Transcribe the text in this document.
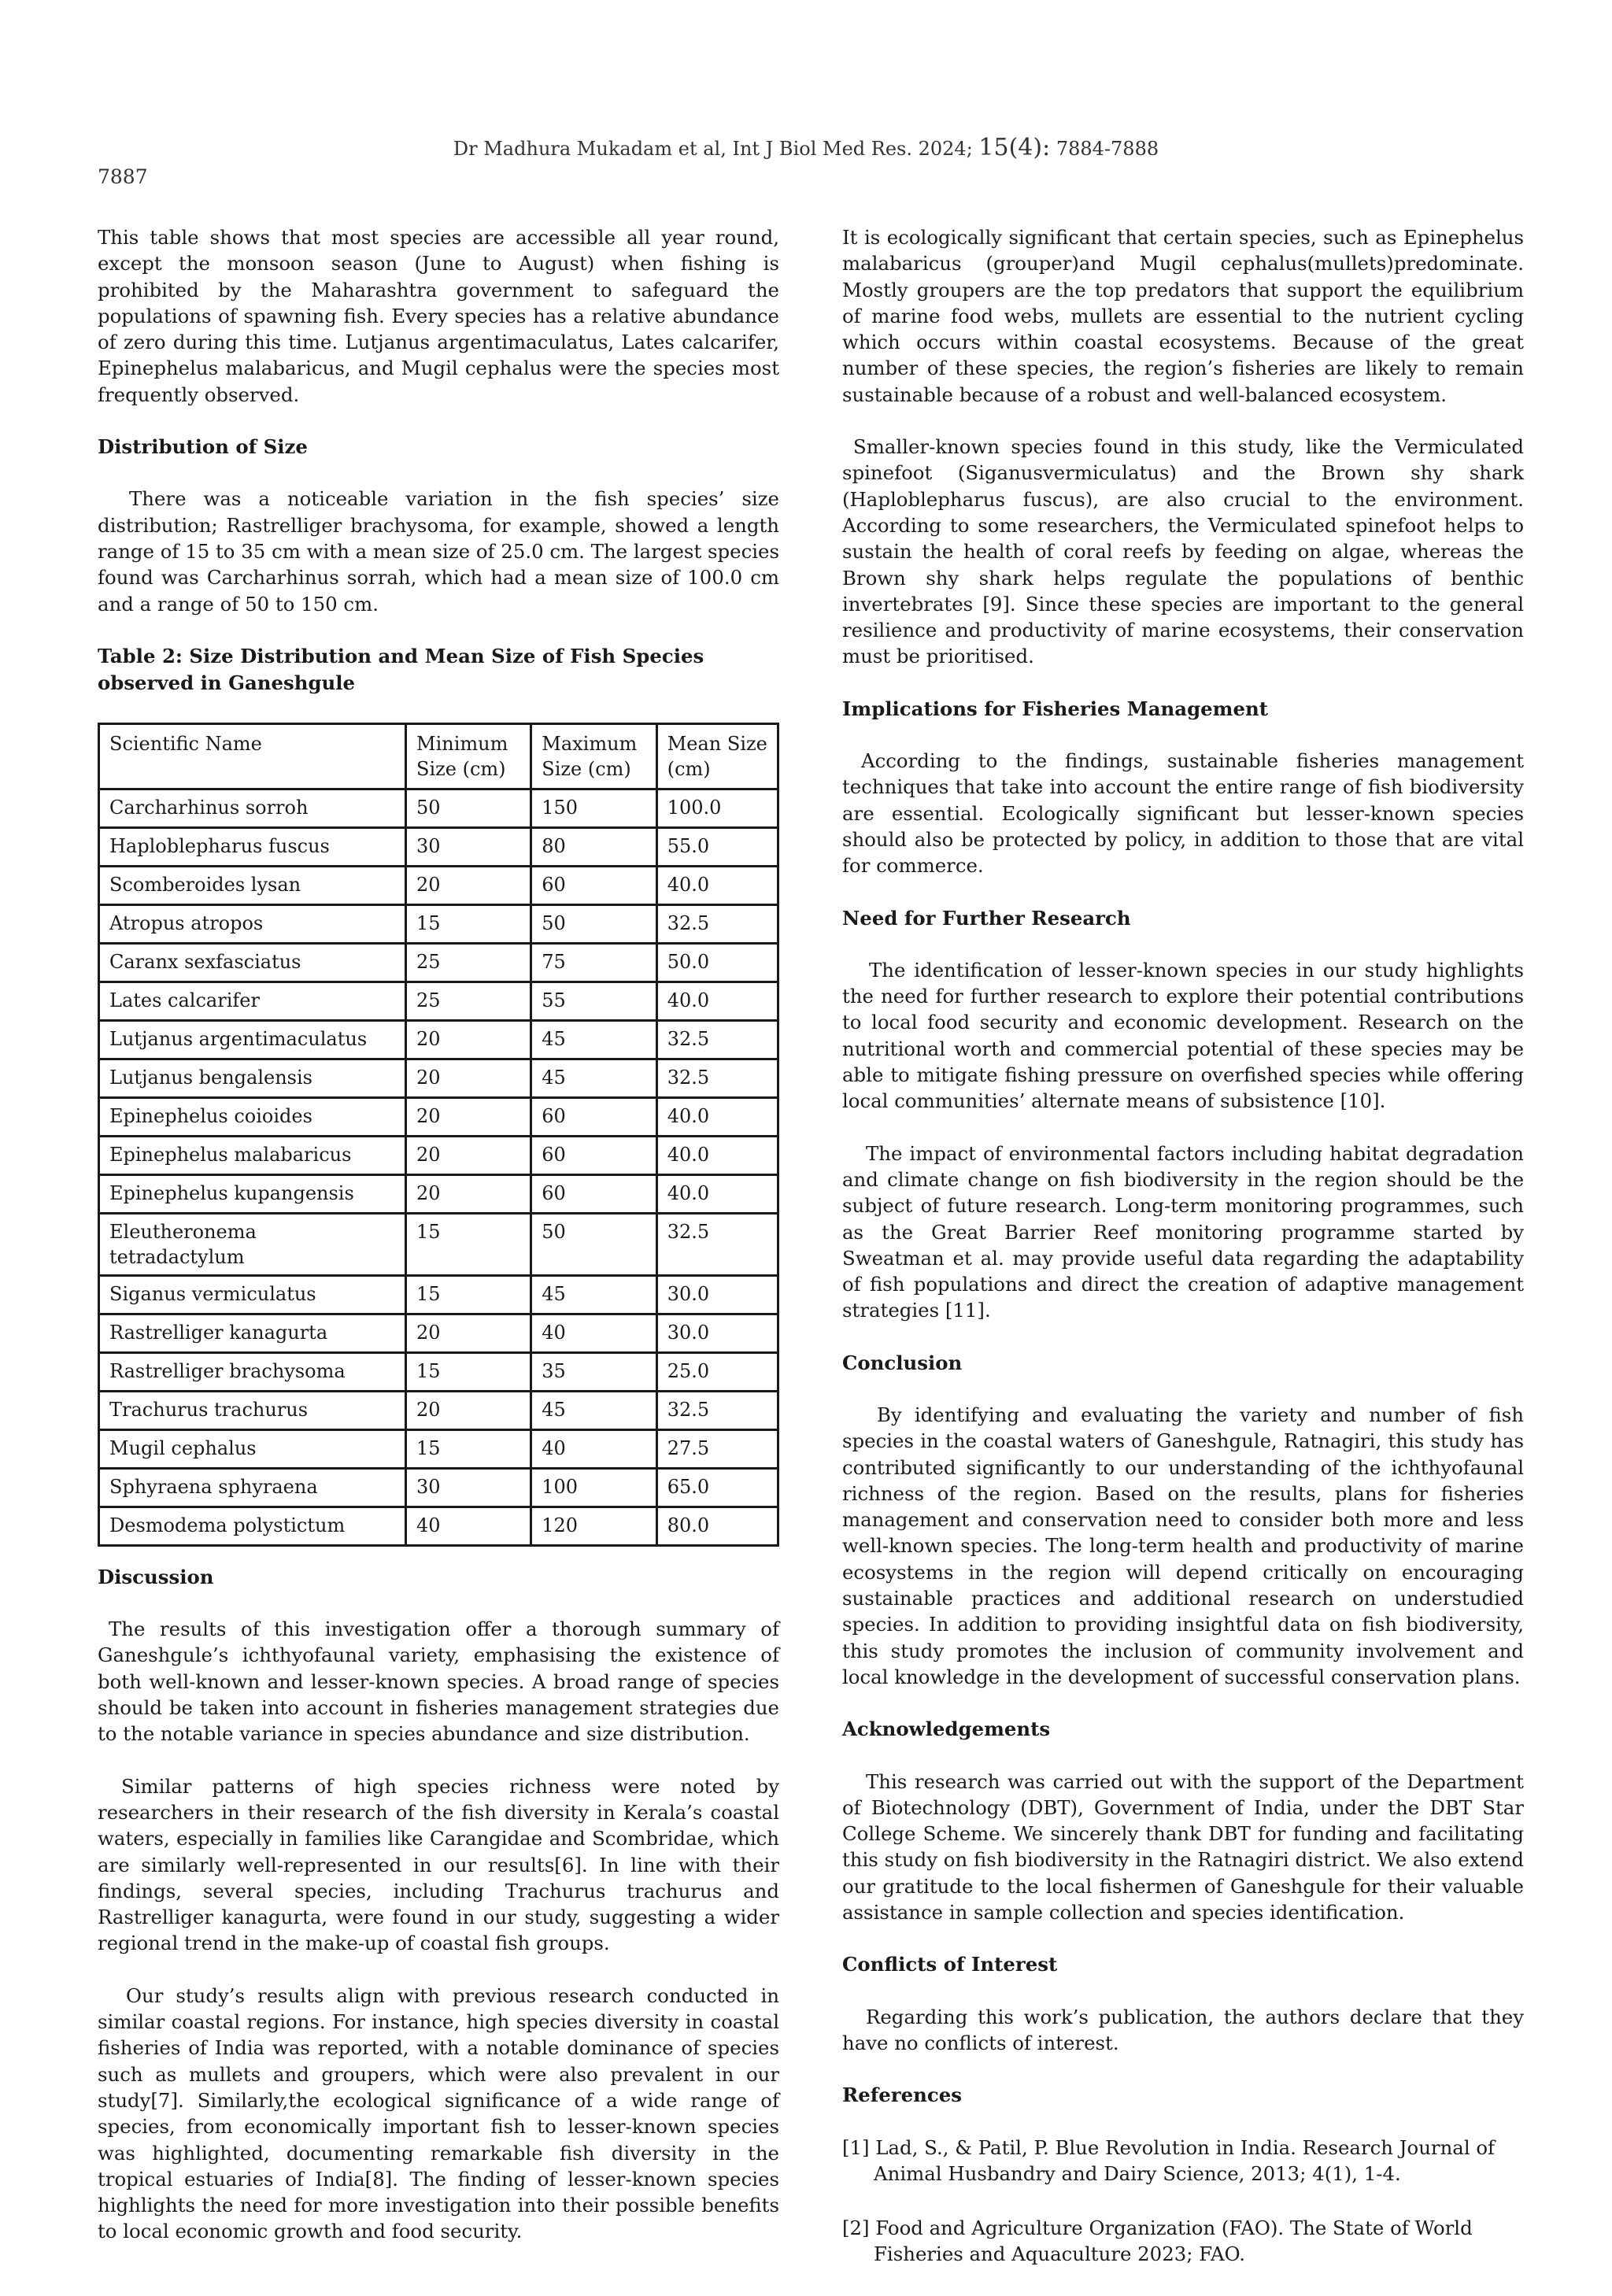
Dr Madhura Mukadam et al, Int J Biol Med Res. 2024; 15(4): 7884-7888
7887

This table shows that most species are accessible all year round, except the monsoon season (June to August) when fishing is prohibited by the Maharashtra government to safeguard the populations of spawning fish. Every species has a relative abundance of zero during this time. Lutjanus argentimaculatus, Lates calcarifer, Epinephelus malabaricus, and Mugil cephalus were the species most frequently observed.

Distribution of Size

There was a noticeable variation in the fish species’ size distribution; Rastrelliger brachysoma, for example, showed a length range of 15 to 35 cm with a mean size of 25.0 cm. The largest species found was Carcharhinus sorrah, which had a mean size of 100.0 cm and a range of 50 to 150 cm.

Table 2: Size Distribution and Mean Size of Fish Species observed in Ganeshgule
Scientific Name	Minimum Size (cm)	Maximum Size (cm)	Mean Size (cm)
Carcharhinus sorroh	50	150	100.0
Haploblepharus fuscus	30	80	55.0
Scomberoides lysan	20	60	40.0
Atropus atropos	15	50	32.5
Caranx sexfasciatus	25	75	50.0
Lates calcarifer	25	55	40.0
Lutjanus argentimaculatus	20	45	32.5
Lutjanus bengalensis	20	45	32.5
Epinephelus coioides	20	60	40.0
Epinephelus malabaricus	20	60	40.0
Epinephelus kupangensis	20	60	40.0
Eleutheronema tetradactylum	15	50	32.5
Siganus vermiculatus	15	45	30.0
Rastrelliger kanagurta	20	40	30.0
Rastrelliger brachysoma	15	35	25.0
Trachurus trachurus	20	45	32.5
Mugil cephalus	15	40	27.5
Sphyraena sphyraena	30	100	65.0
Desmodema polystictum	40	120	80.0
Discussion

The results of this investigation offer a thorough summary of Ganeshgule’s ichthyofaunal variety, emphasising the existence of both well-known and lesser-known species. A broad range of species should be taken into account in fisheries management strategies due to the notable variance in species abundance and size distribution.

Similar patterns of high species richness were noted by researchers in their research of the fish diversity in Kerala’s coastal waters, especially in families like Carangidae and Scombridae, which are similarly well-represented in our results[6]. In line with their findings, several species, including Trachurus trachurus and Rastrelliger kanagurta, were found in our study, suggesting a wider regional trend in the make-up of coastal fish groups.

Our study’s results align with previous research conducted in similar coastal regions. For instance, high species diversity in coastal fisheries of India was reported, with a notable dominance of species such as mullets and groupers, which were also prevalent in our study[7]. Similarly,the ecological significance of a wide range of species, from economically important fish to lesser-known species was highlighted, documenting remarkable fish diversity in the tropical estuaries of India[8]. The finding of lesser-known species highlights the need for more investigation into their possible benefits to local economic growth and food security.

It is ecologically significant that certain species, such as Epinephelus malabaricus (grouper)and Mugil cephalus(mullets)predominate. Mostly groupers are the top predators that support the equilibrium of marine food webs, mullets are essential to the nutrient cycling which occurs within coastal ecosystems. Because of the great number of these species, the region’s fisheries are likely to remain sustainable because of a robust and well-balanced ecosystem.

Smaller-known species found in this study, like the Vermiculated spinefoot (Siganusvermiculatus) and the Brown shy shark (Haploblepharus fuscus), are also crucial to the environment. According to some researchers, the Vermiculated spinefoot helps to sustain the health of coral reefs by feeding on algae, whereas the Brown shy shark helps regulate the populations of benthic invertebrates [9]. Since these species are important to the general resilience and productivity of marine ecosystems, their conservation must be prioritised.

Implications for Fisheries Management

According to the findings, sustainable fisheries management techniques that take into account the entire range of fish biodiversity are essential. Ecologically significant but lesser-known species should also be protected by policy, in addition to those that are vital for commerce.

Need for Further Research

The identification of lesser-known species in our study highlights the need for further research to explore their potential contributions to local food security and economic development. Research on the nutritional worth and commercial potential of these species may be able to mitigate fishing pressure on overfished species while offering local communities’ alternate means of subsistence [10].

The impact of environmental factors including habitat degradation and climate change on fish biodiversity in the region should be the subject of future research. Long-term monitoring programmes, such as the Great Barrier Reef monitoring programme started by Sweatman et al. may provide useful data regarding the adaptability of fish populations and direct the creation of adaptive management strategies [11].

Conclusion

By identifying and evaluating the variety and number of fish species in the coastal waters of Ganeshgule, Ratnagiri, this study has contributed significantly to our understanding of the ichthyofaunal richness of the region. Based on the results, plans for fisheries management and conservation need to consider both more and less well-known species. The long-term health and productivity of marine ecosystems in the region will depend critically on encouraging sustainable practices and additional research on understudied species. In addition to providing insightful data on fish biodiversity, this study promotes the inclusion of community involvement and local knowledge in the development of successful conservation plans.

Acknowledgements

This research was carried out with the support of the Department of Biotechnology (DBT), Government of India, under the DBT Star College Scheme. We sincerely thank DBT for funding and facilitating this study on fish biodiversity in the Ratnagiri district. We also extend our gratitude to the local fishermen of Ganeshgule for their valuable assistance in sample collection and species identification.

Conflicts of Interest

Regarding this work’s publication, the authors declare that they have no conflicts of interest.

References

[1] Lad, S., & Patil, P. Blue Revolution in India. Research Journal of Animal Husbandry and Dairy Science, 2013; 4(1), 1-4.

[2] Food and Agriculture Organization (FAO). The State of World Fisheries and Aquaculture 2023; FAO.
